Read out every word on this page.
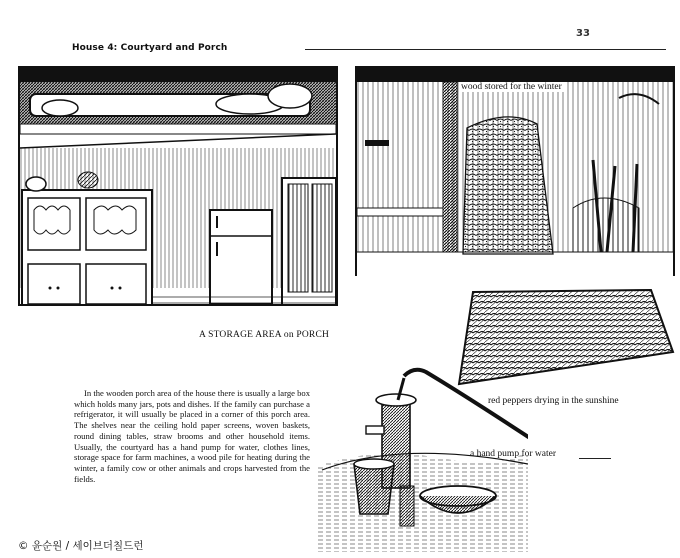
33
House 4: Courtyard and Porch
A STORAGE AREA on PORCH
wood stored for the winter
red peppers drying in the sunshine
a hand pump for water

In the wooden porch area of the house there is usually a large box which holds many jars, pots and dishes. If the family can purchase a refrigerator, it will usually be placed in a corner of this porch area. The shelves near the ceiling hold paper screens, woven baskets, round dining tables, straw brooms and other household items. Usually, the courtyard has a hand pump for water, clothes lines, storage space for farm machines, a wood pile for heating during the winter, a family cow or other animals and crops harvested from the fields.

© 윤순원 / 세이브더칠드런
